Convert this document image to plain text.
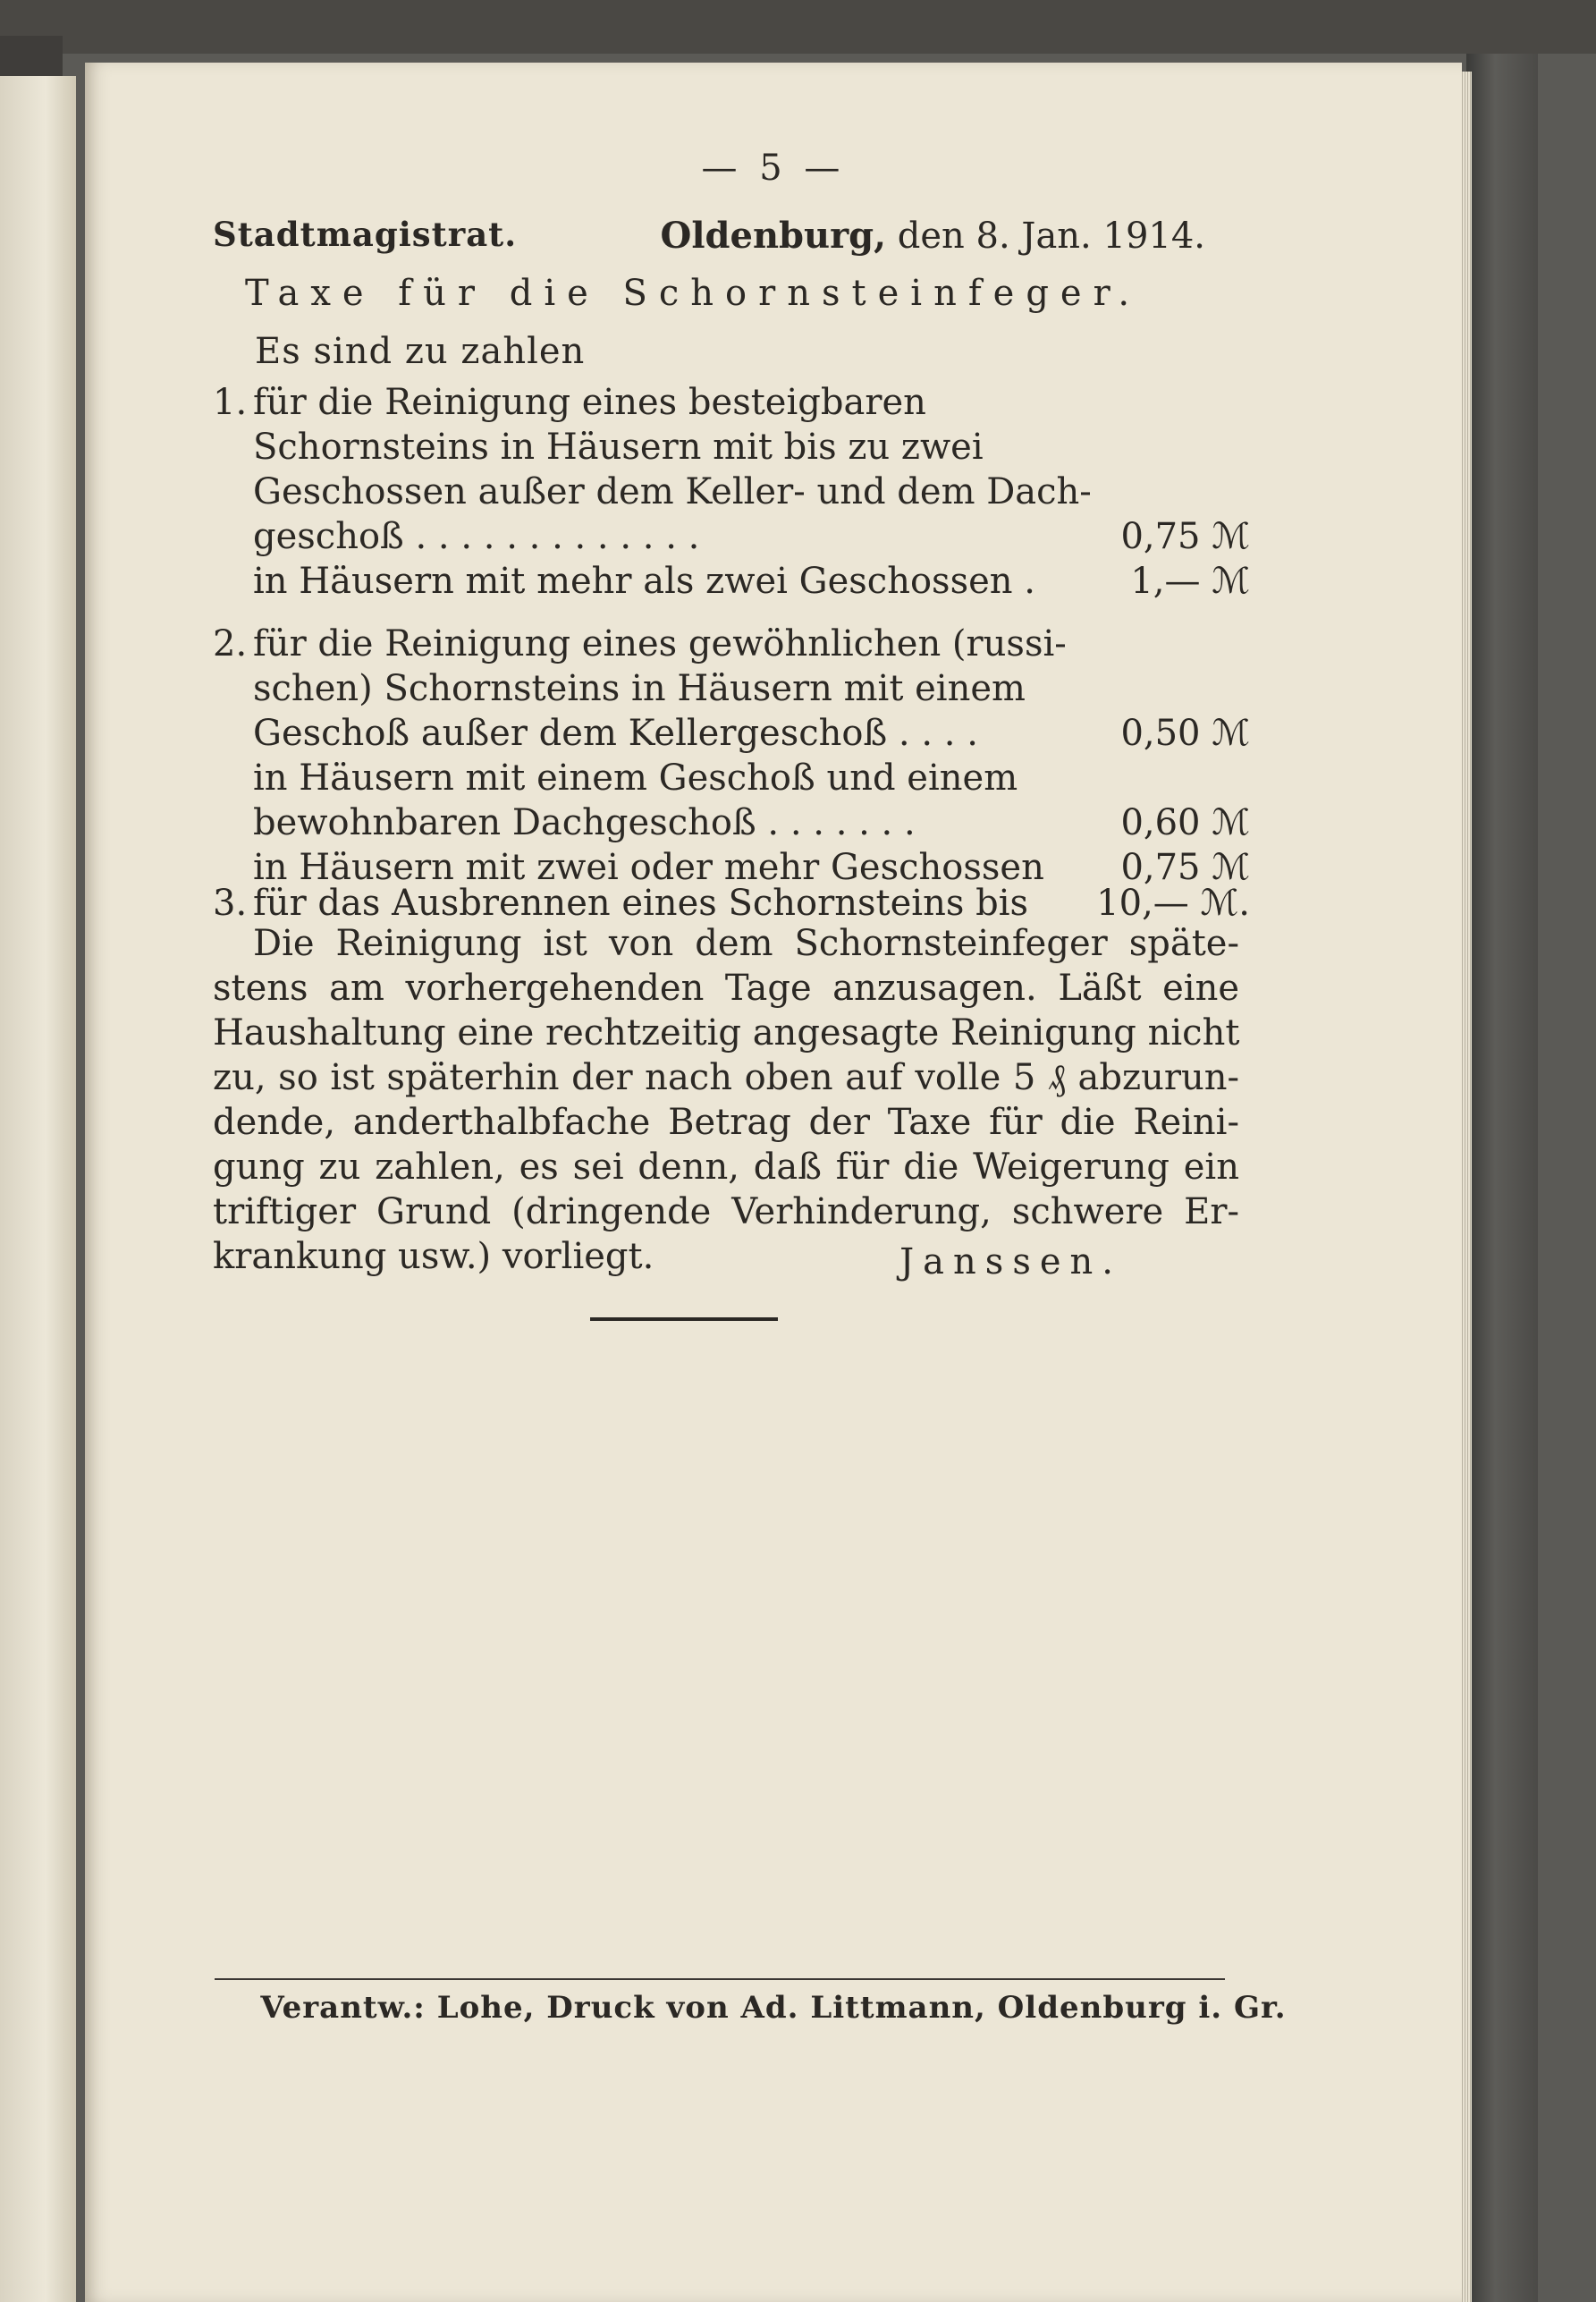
— 5 —
Stadtmagistrat.	Oldenburg, den 8. Jan. 1914.
Taxe für die Schornsteinfeger.
Es sind zu zahlen
1. für die Reinigung eines besteigbaren
Schornsteins in Häusern mit bis zu zwei
Geschossen außer dem Keller- und dem Dach-
geschoß . . . . . . . . . . . . .	0,75 ℳ
in Häusern mit mehr als zwei Geschossen .	1,— ℳ
2. für die Reinigung eines gewöhnlichen (russi-
schen) Schornsteins in Häusern mit einem
Geschoß außer dem Kellergeschoß . . . .	0,50 ℳ
in Häusern mit einem Geschoß und einem
bewohnbaren Dachgeschoß . . . . . . .	0,60 ℳ
in Häusern mit zwei oder mehr Geschossen 0,75 ℳ
3. für das Ausbrennen eines Schornsteins bis 10,— ℳ.
Die Reinigung ist von dem Schornsteinfeger späte-
stens am vorhergehenden Tage anzusagen. Läßt eine
Haushaltung eine rechtzeitig angesagte Reinigung nicht
zu, so ist späterhin der nach oben auf volle 5 ₰ abzurun-
dende, anderthalbfache Betrag der Taxe für die Reini-
gung zu zahlen, es sei denn, daß für die Weigerung ein
triftiger Grund (dringende Verhinderung, schwere Er-
krankung usw.) vorliegt.	Janssen.
Verantw.: Lohe, Druck von Ad. Littmann, Oldenburg i. Gr.
